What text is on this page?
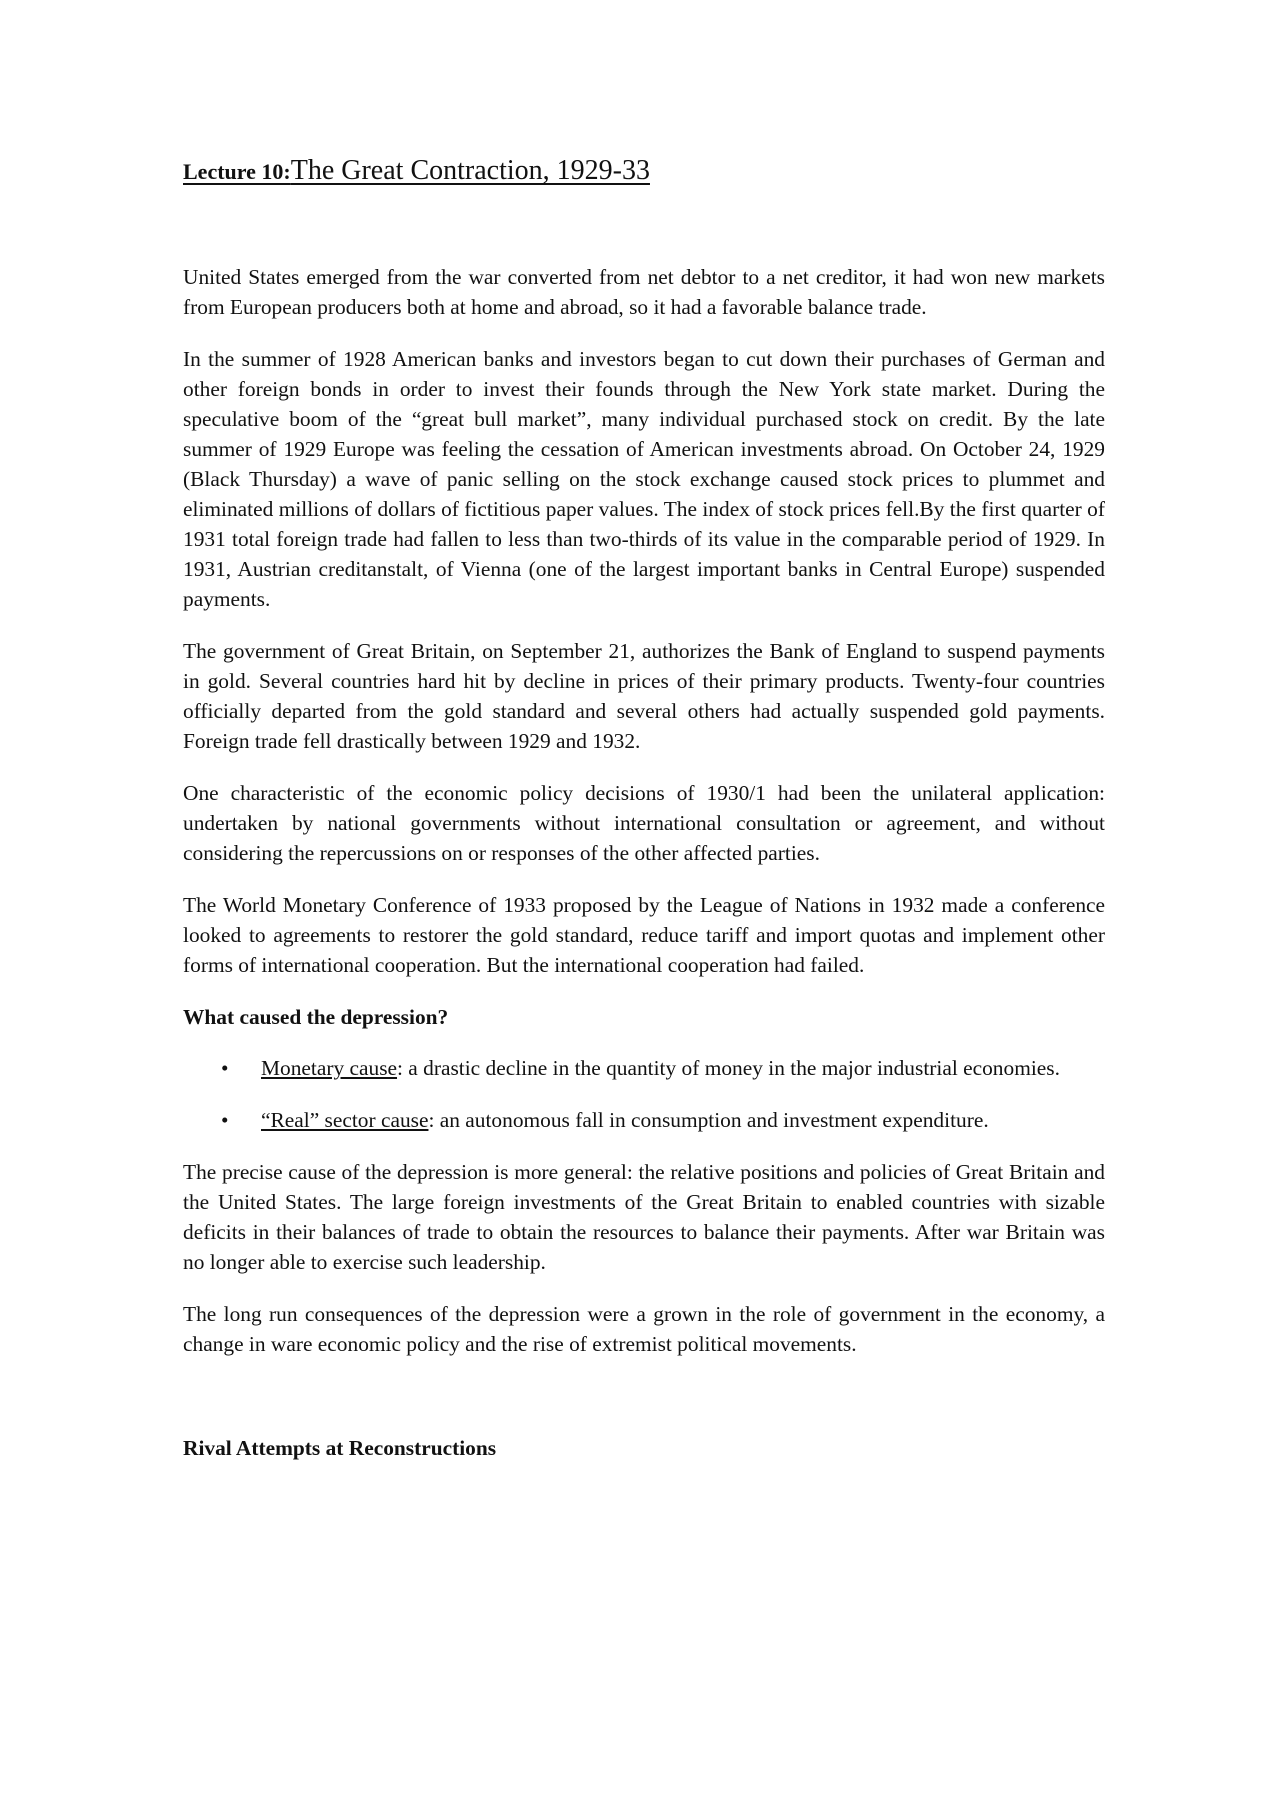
Lecture 10:The Great Contraction, 1929-33

United States emerged from the war converted from net debtor to a net creditor, it had won new markets from European producers both at home and abroad, so it had a favorable balance trade.

In the summer of 1928 American banks and investors began to cut down their purchases of German and other foreign bonds in order to invest their founds through the New York state market. During the speculative boom of the “great bull market”, many individual purchased stock on credit. By the late summer of 1929 Europe was feeling the cessation of American investments abroad. On October 24, 1929 (Black Thursday) a wave of panic selling on the stock exchange caused stock prices to plummet and eliminated millions of dollars of fictitious paper values. The index of stock prices fell.By the first quarter of 1931 total foreign trade had fallen to less than two-thirds of its value in the comparable period of 1929. In 1931, Austrian creditanstalt, of Vienna (one of the largest important banks in Central Europe) suspended payments.

The government of Great Britain, on September 21, authorizes the Bank of England to suspend payments in gold. Several countries hard hit by decline in prices of their primary products. Twenty-four countries officially departed from the gold standard and several others had actually suspended gold payments. Foreign trade fell drastically between 1929 and 1932.

One characteristic of the economic policy decisions of 1930/1 had been the unilateral application: undertaken by national governments without international consultation or agreement, and without considering the repercussions on or responses of the other affected parties.

The World Monetary Conference of 1933 proposed by the League of Nations in 1932 made a conference looked to agreements to restorer the gold standard, reduce tariff and import quotas and implement other forms of international cooperation. But the international cooperation had failed.

What caused the depression?
• Monetary cause: a drastic decline in the quantity of money in the major industrial economies.
• “Real” sector cause: an autonomous fall in consumption and investment expenditure.

The precise cause of the depression is more general: the relative positions and policies of Great Britain and the United States. The large foreign investments of the Great Britain to enabled countries with sizable deficits in their balances of trade to obtain the resources to balance their payments. After war Britain was no longer able to exercise such leadership.

The long run consequences of the depression were a grown in the role of government in the economy, a change in ware economic policy and the rise of extremist political movements.

Rival Attempts at Reconstructions
